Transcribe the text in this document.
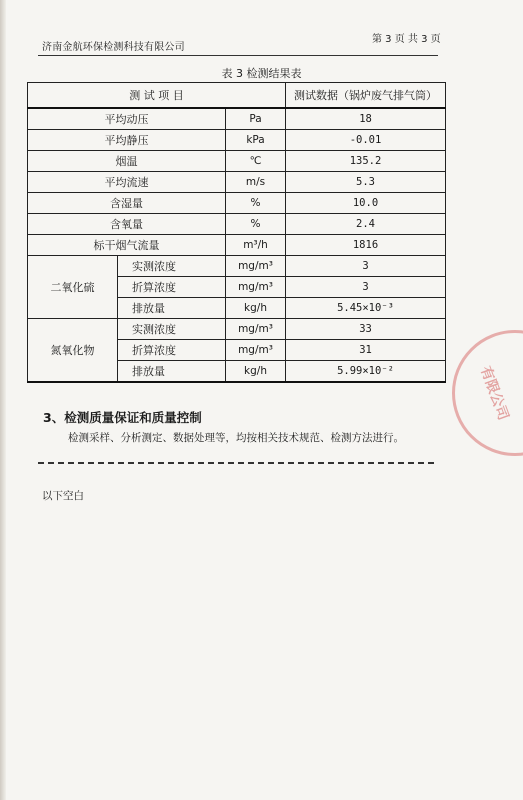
济南金航环保检测科技有限公司
第 3 页 共 3 页
表 3 检测结果表
测 试 项 目			测试数据（锅炉废气排气筒）
平均动压		Pa	18
平均静压		kPa	-0.01
烟温		℃	135.2
平均流速		m/s	5.3
含湿量		%	10.0
含氧量		%	2.4
标干烟气流量		m³/h	1816
二氧化硫	实测浓度	mg/m³	3
	折算浓度	mg/m³	3
	排放量	kg/h	5.45×10⁻³
氮氧化物	实测浓度	mg/m³	33
	折算浓度	mg/m³	31
	排放量	kg/h	5.99×10⁻²
3、检测质量保证和质量控制
检测采样、分析测定、数据处理等，均按相关技术规范、检测方法进行。
以下空白
有限公司
